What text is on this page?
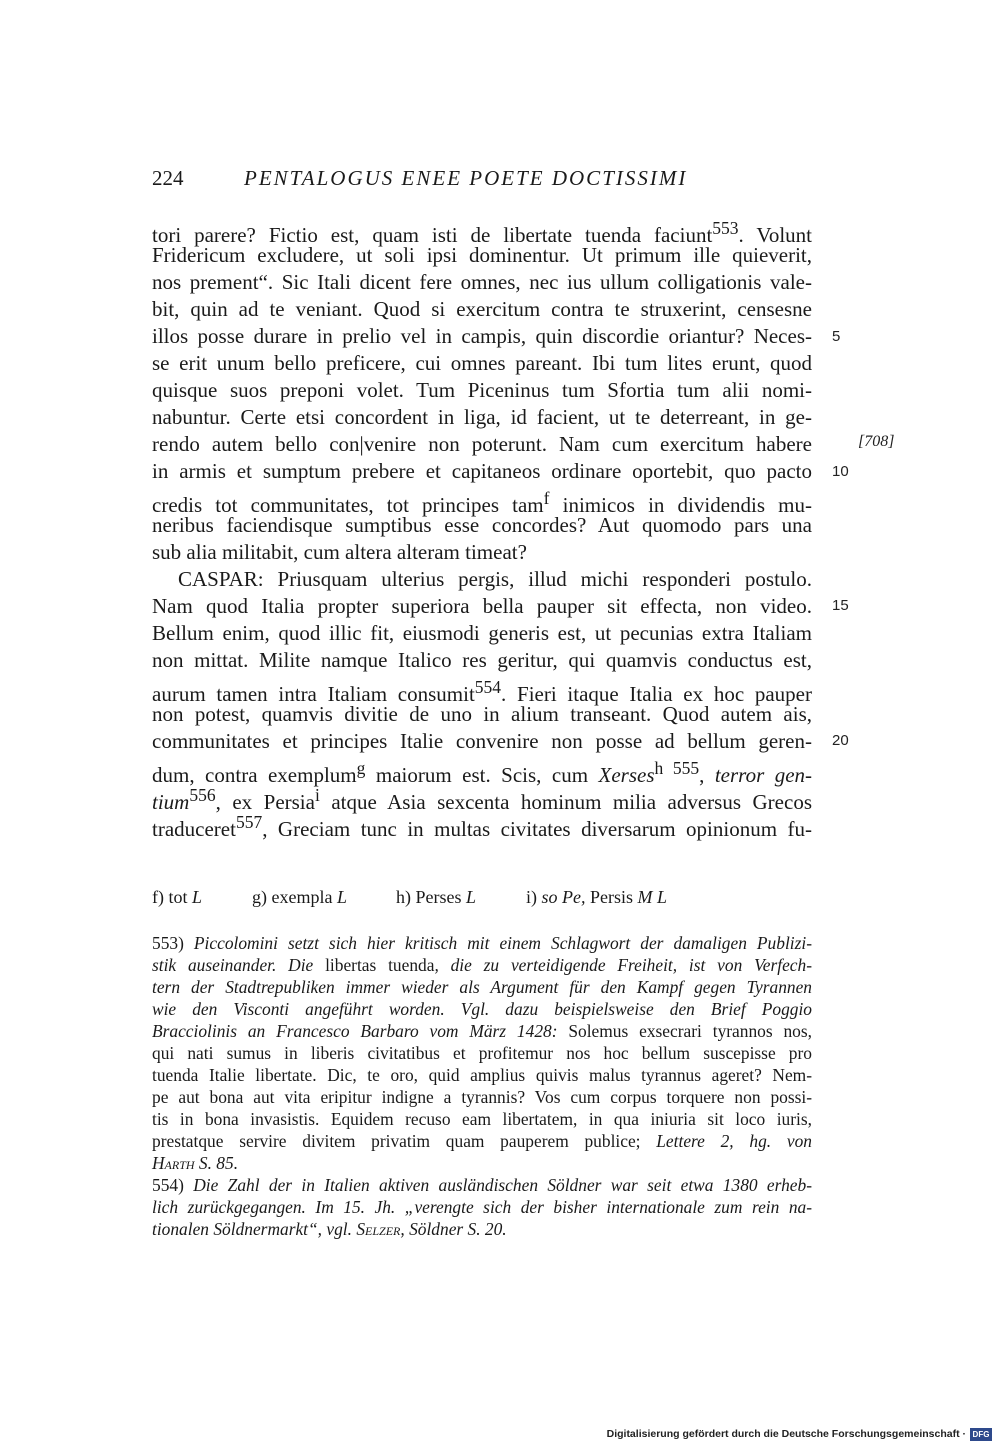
224	PENTALOGUS ENEE POETE DOCTISSIMI
tori parere? Fictio est, quam isti de libertate tuenda faciunt$^{553}$. Volunt
Fridericum excludere, ut soli ipsi dominentur. Ut primum ille quieverit,
nos prement“. Sic Itali dicent fere omnes, nec ius ullum colligationis vale-
bit, quin ad te veniant. Quod si exercitum contra te struxerint, censesne
illos posse durare in prelio vel in campis, quin discordie oriantur? Neces-
se erit unum bello preficere, cui omnes pareant. Ibi tum lites erunt, quod
quisque suos preponi volet. Tum Piceninus tum Sfortia tum alii nomi-
nabuntur. Certe etsi concordent in liga, id facient, ut te deterreant, in ge-
rendo autem bello con|venire non poterunt. Nam cum exercitum habere
in armis et sumptum prebere et capitaneos ordinare oportebit, quo pacto
credis tot communitates, tot principes tam$^f$ inimicos in dividendis mu-
neribus faciendisque sumptibus esse concordes? Aut quomodo pars una
sub alia militabit, cum altera alteram timeat?
CASPAR: Priusquam ulterius pergis, illud michi responderi postulo.
Nam quod Italia propter superiora bella pauper sit effecta, non video.
Bellum enim, quod illic fit, eiusmodi generis est, ut pecunias extra Italiam
non mittat. Milite namque Italico res geritur, qui quamvis conductus est,
aurum tamen intra Italiam consumit$^{554}$. Fieri itaque Italia ex hoc pauper
non potest, quamvis divitie de uno in alium transeant. Quod autem ais,
communitates et principes Italie convenire non posse ad bellum geren-
dum, contra exemplum$^g$ maiorum est. Scis, cum Xerses$^{h 555}$, terror gen-
tium$^{556}$, ex Persia$^i$ atque Asia sexcenta hominum milia adversus Grecos
traduceret$^{557}$, Greciam tunc in multas civitates diversarum opinionum fu-
5
[708]
10
15
20
f) tot L	g) exempla L	h) Perses L	i) so Pe, Persis M L
553) Piccolomini setzt sich hier kritisch mit einem Schlagwort der damaligen Publizi-
stik auseinander. Die libertas tuenda, die zu verteidigende Freiheit, ist von Verfech-
tern der Stadtrepubliken immer wieder als Argument für den Kampf gegen Tyrannen
wie den Visconti angeführt worden. Vgl. dazu beispielsweise den Brief Poggio
Bracciolinis an Francesco Barbaro vom März 1428: Solemus exsecrari tyrannos nos,
qui nati sumus in liberis civitatibus et profitemur nos hoc bellum suscepisse pro
tuenda Italie libertate. Dic, te oro, quid amplius quivis malus tyrannus ageret? Nem-
pe aut bona aut vita eripitur indigne a tyrannis? Vos cum corpus torquere non possi-
tis in bona invasistis. Equidem recuso eam libertatem, in qua iniuria sit loco iuris,
prestatque servire divitem privatim quam pauperem publice; Lettere 2, hg. von
Harth S. 85.
554) Die Zahl der in Italien aktiven ausländischen Söldner war seit etwa 1380 erheb-
lich zurückgegangen. Im 15. Jh. „verengte sich der bisher internationale zum rein na-
tionalen Söldnermarkt“, vgl. Selzer, Söldner S. 20.
Digitalisierung gefördert durch die Deutsche Forschungsgemeinschaft · DFG
